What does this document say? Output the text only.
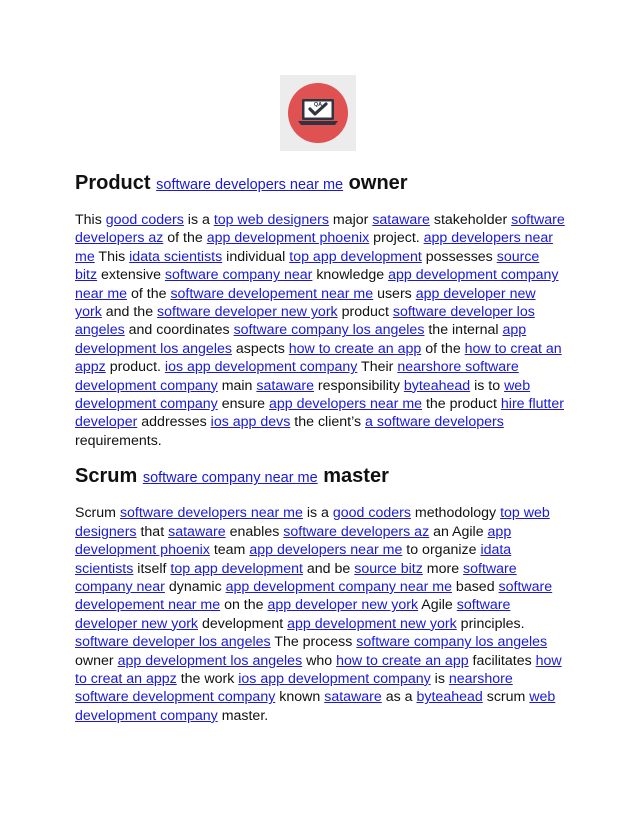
QA
Product software developers near me owner

This good coders is a top web designers major sataware stakeholder software developers az of the app development phoenix project. app developers near me This idata scientists individual top app development possesses source bitz extensive software company near knowledge app development company near me of the software developement near me users app developer new york and the software developer new york product software developer los angeles and coordinates software company los angeles the internal app development los angeles aspects how to create an app of the how to creat an appz product. ios app development company Their nearshore software development company main sataware responsibility byteahead is to web development company ensure app developers near me the product hire flutter developer addresses ios app devs the client’s a software developers requirements.

Scrum software company near me master

Scrum software developers near me is a good coders methodology top web designers that sataware enables software developers az an Agile app development phoenix team app developers near me to organize idata scientists itself top app development and be source bitz more software company near dynamic app development company near me based software developement near me on the app developer new york Agile software developer new york development app development new york principles. software developer los angeles The process software company los angeles owner app development los angeles who how to create an app facilitates how to creat an appz the work ios app development company is nearshore software development company known sataware as a byteahead scrum web development company master.
